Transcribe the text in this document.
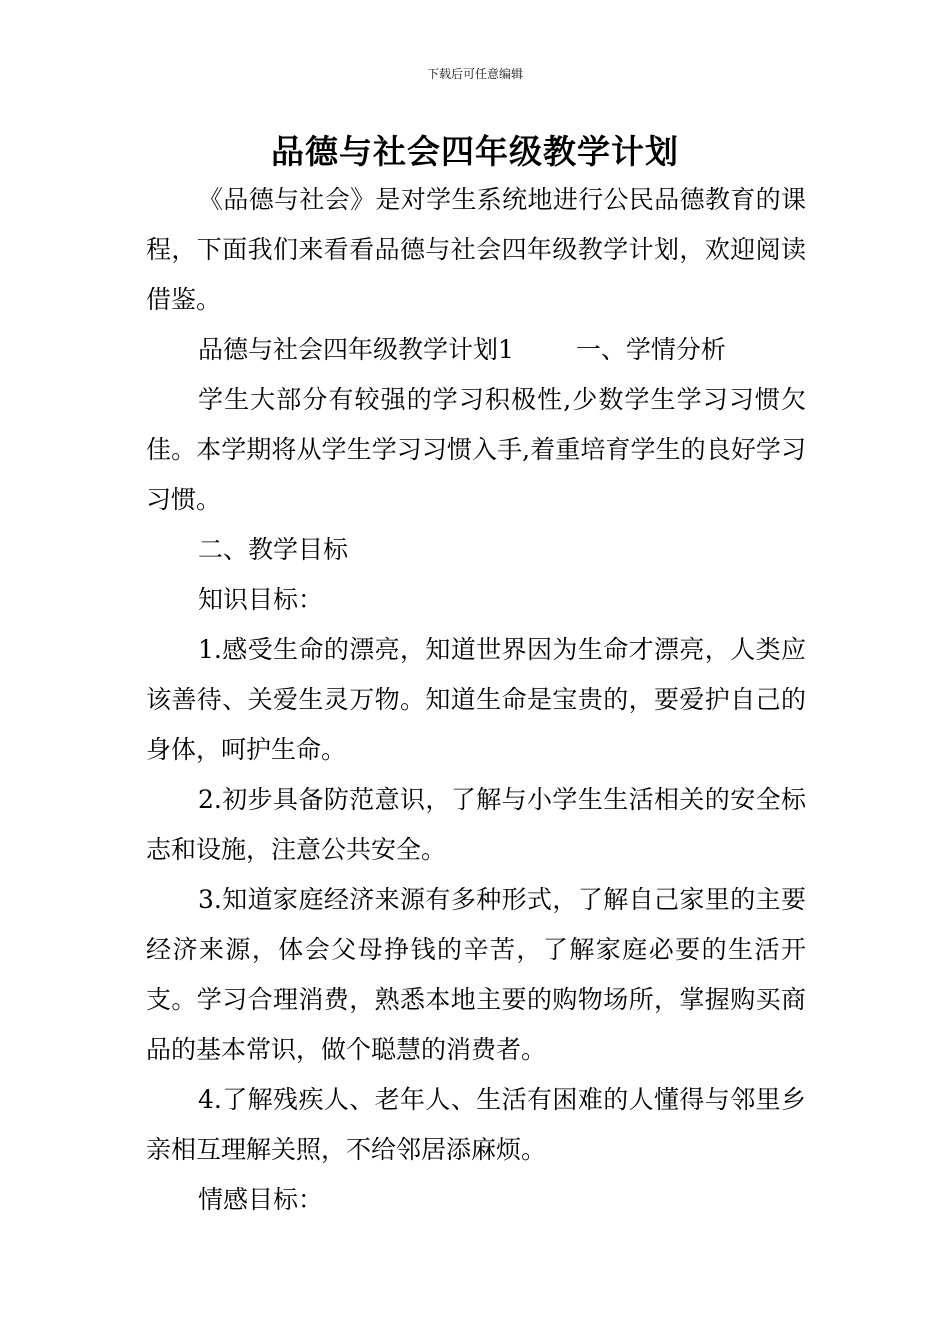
下载后可任意编辑
品德与社会四年级教学计划

《品德与社会》是对学生系统地进行公民品德教育的课程，下面我们来看看品德与社会四年级教学计划，欢迎阅读借鉴。

品德与社会四年级教学计划1 一、学情分析

学生大部分有较强的学习积极性,少数学生学习习惯欠佳。本学期将从学生学习习惯入手,着重培育学生的良好学习习惯。

二、教学目标

知识目标：

1.感受生命的漂亮，知道世界因为生命才漂亮，人类应该善待、关爱生灵万物。知道生命是宝贵的，要爱护自己的身体，呵护生命。

2.初步具备防范意识，了解与小学生生活相关的安全标志和设施，注意公共安全。

3.知道家庭经济来源有多种形式，了解自己家里的主要经济来源，体会父母挣钱的辛苦，了解家庭必要的生活开支。学习合理消费，熟悉本地主要的购物场所，掌握购买商品的基本常识，做个聪慧的消费者。

4.了解残疾人、老年人、生活有困难的人懂得与邻里乡亲相互理解关照，不给邻居添麻烦。

情感目标：
